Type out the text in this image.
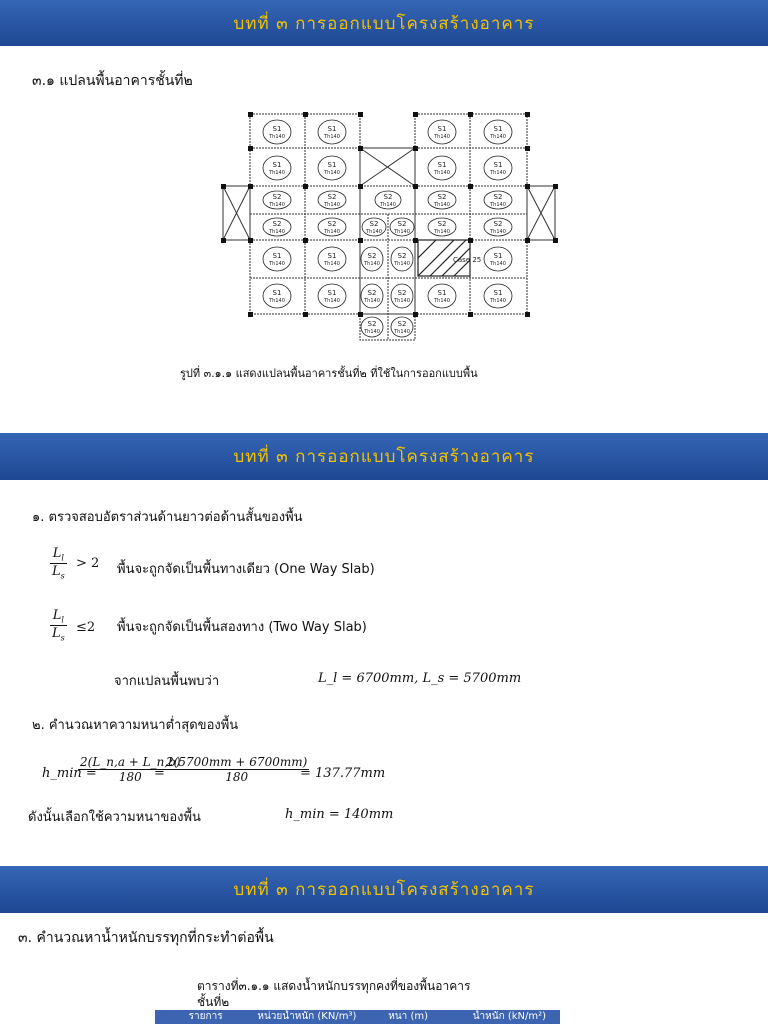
บทที่ ๓ การออกแบบโครงสร้างอาคาร
๓.๑ แปลนพื้นอาคารชั้นที่๒
S1
Th140
S1
Th140
S1
Th140
S1
Th140
S1
Th140
S1
Th140
S1
Th140
S1
Th140
S2
Th140
S2
Th140
S2
Th140
S2
Th140
S2
Th140
S2
Th140
S2
Th140
S2
Th140
S2
Th140
S2
Th140
S2
Th140
S1
Th140
S1
Th140
S2
Th140
S2
Th140
S1
Th140
S1
Th140
S1
Th140
S2
Th140
S2
Th140
S1
Th140
S1
Th140
S2
Th140
S2
Th140
Case 25
รูปที่ ๓.๑.๑ แสดงแปลนพื้นอาคารชั้นที่๒ ที่ใช้ในการออกแบบพื้น
บทที่ ๓ การออกแบบโครงสร้างอาคาร
๑. ตรวจสอบอัตราส่วนด้านยาวต่อด้านสั้นของพื้น
$\frac{L_l}{L_s} > 2$ พื้นจะถูกจัดเป็นพื้นทางเดียว (One Way Slab)
$\frac{L_l}{L_s} \le 2$ พื้นจะถูกจัดเป็นพื้นสองทาง (Two Way Slab)
จากแปลนพื้นพบว่า	L_l = 6700mm, L_s = 5700mm
๒. คำนวณหาความหนาต่ำสุดของพื้น
h_min =
$\frac{2(L\_n,a + L\_n,b)}{180}$
= $\frac{2(5700mm + 6700mm)}{180}$
= 137.77mm
ดังนั้นเลือกใช้ความหนาของพื้น	h_min = 140mm
บทที่ ๓ การออกแบบโครงสร้างอาคาร
๓. คำนวณหาน้ำหนักบรรทุกที่กระทำต่อพื้น
ตารางที่๓.๑.๑ แสดงน้ำหนักบรรทุกคงที่ของพื้นอาคาร
ชั้นที่๒
รายการ	หน่วยน้ำหนัก (KN/m³)	หนา (m)	น้ำหนัก (kN/m²)
